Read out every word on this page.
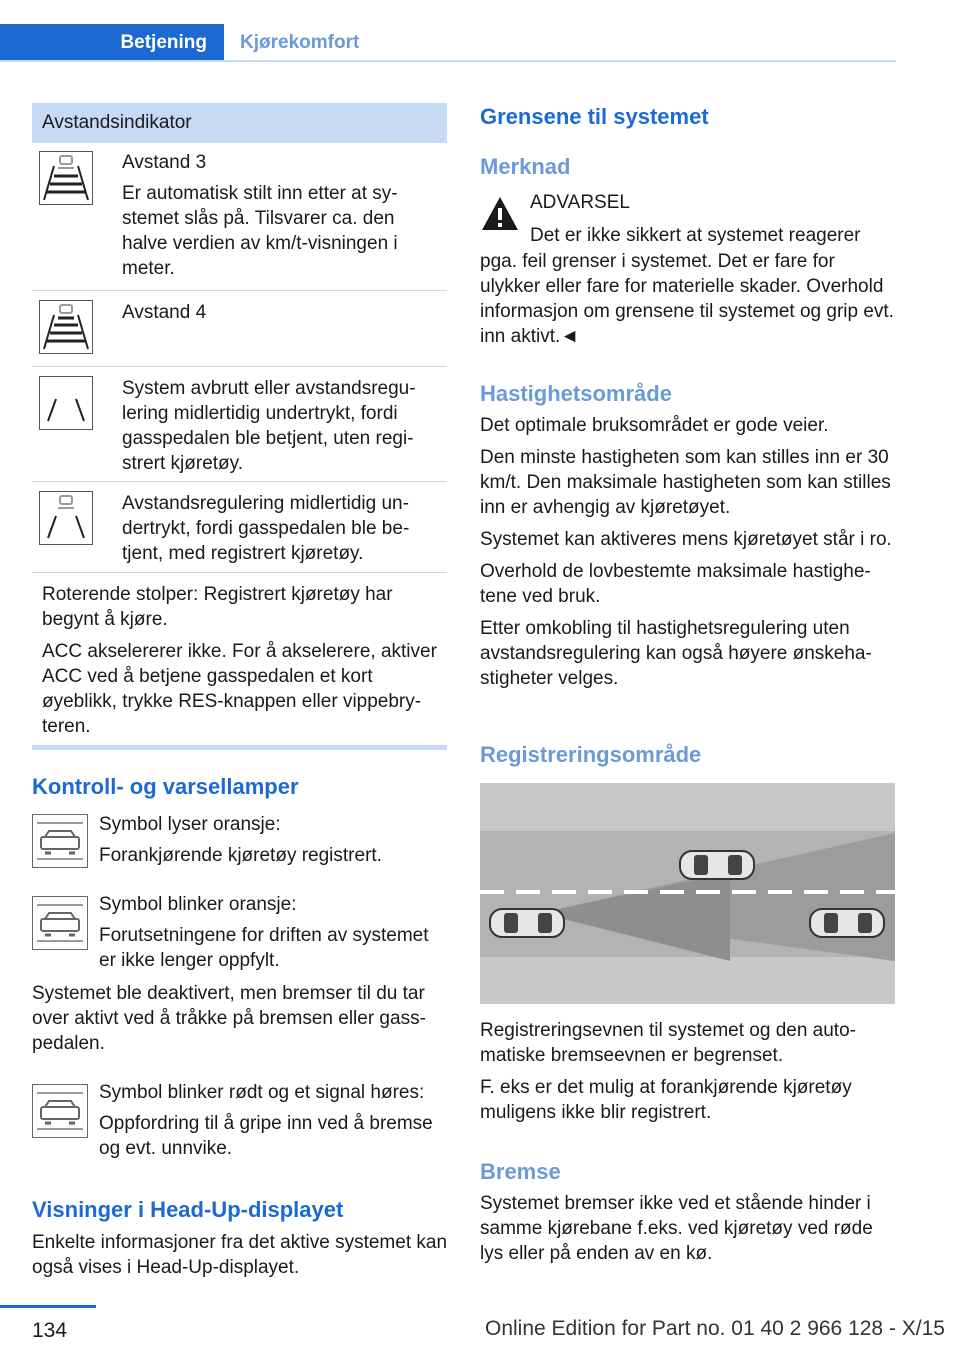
Betjening	Kjørekomfort
Avstandsindikator

Avstand 3

Er automatisk stilt inn etter at systemet slås på. Tilsvarer ca. den halve verdien av km/t-visningen i meter.

Avstand 4

System avbrutt eller avstandsregulering midlertidig undertrykt, fordi gasspedalen ble betjent, uten registrert kjøretøy.

Avstandsregulering midlertidig undertrykt, fordi gasspedalen ble betjent, med registrert kjøretøy.

Roterende stolper: Registrert kjøretøy har begynt å kjøre.

ACC akselererer ikke. For å akselerere, aktiver ACC ved å betjene gasspedalen et kort øyeblikk, trykke RES-knappen eller vippebryteren.

Kontroll- og varsellamper

Symbol lyser oransje:

Forankjørende kjøretøy registrert.

Symbol blinker oransje:

Forutsetningene for driften av systemet er ikke lenger oppfylt.

Systemet ble deaktivert, men bremser til du tar over aktivt ved å tråkke på bremsen eller gasspedalen.

Symbol blinker rødt og et signal høres:

Oppfordring til å gripe inn ved å bremse og evt. unnvike.

Visninger i Head-Up-displayet

Enkelte informasjoner fra det aktive systemet kan også vises i Head-Up-displayet.

Grensene til systemet
Merknad

ADVARSEL

Det er ikke sikkert at systemet reagerer

pga. feil grenser i systemet. Det er fare for ulykker eller fare for materielle skader. Overhold informasjon om grensene til systemet og grip evt. inn aktivt.◄

Hastighetsområde

Det optimale bruksområdet er gode veier.

Den minste hastigheten som kan stilles inn er 30 km/t. Den maksimale hastigheten som kan stilles inn er avhengig av kjøretøyet.

Systemet kan aktiveres mens kjøretøyet står i ro.

Overhold de lovbestemte maksimale hastighetene ved bruk.

Etter omkobling til hastighetsregulering uten avstandsregulering kan også høyere ønskehastigheter velges.

Registreringsområde

Registreringsevnen til systemet og den automatiske bremseevnen er begrenset.

F. eks er det mulig at forankjørende kjøretøy muligens ikke blir registrert.

Bremse

Systemet bremser ikke ved et stående hinder i samme kjørebane f.eks. ved kjøretøy ved røde lys eller på enden av en kø.

134	Online Edition for Part no. 01 40 2 966 128 - X/15
